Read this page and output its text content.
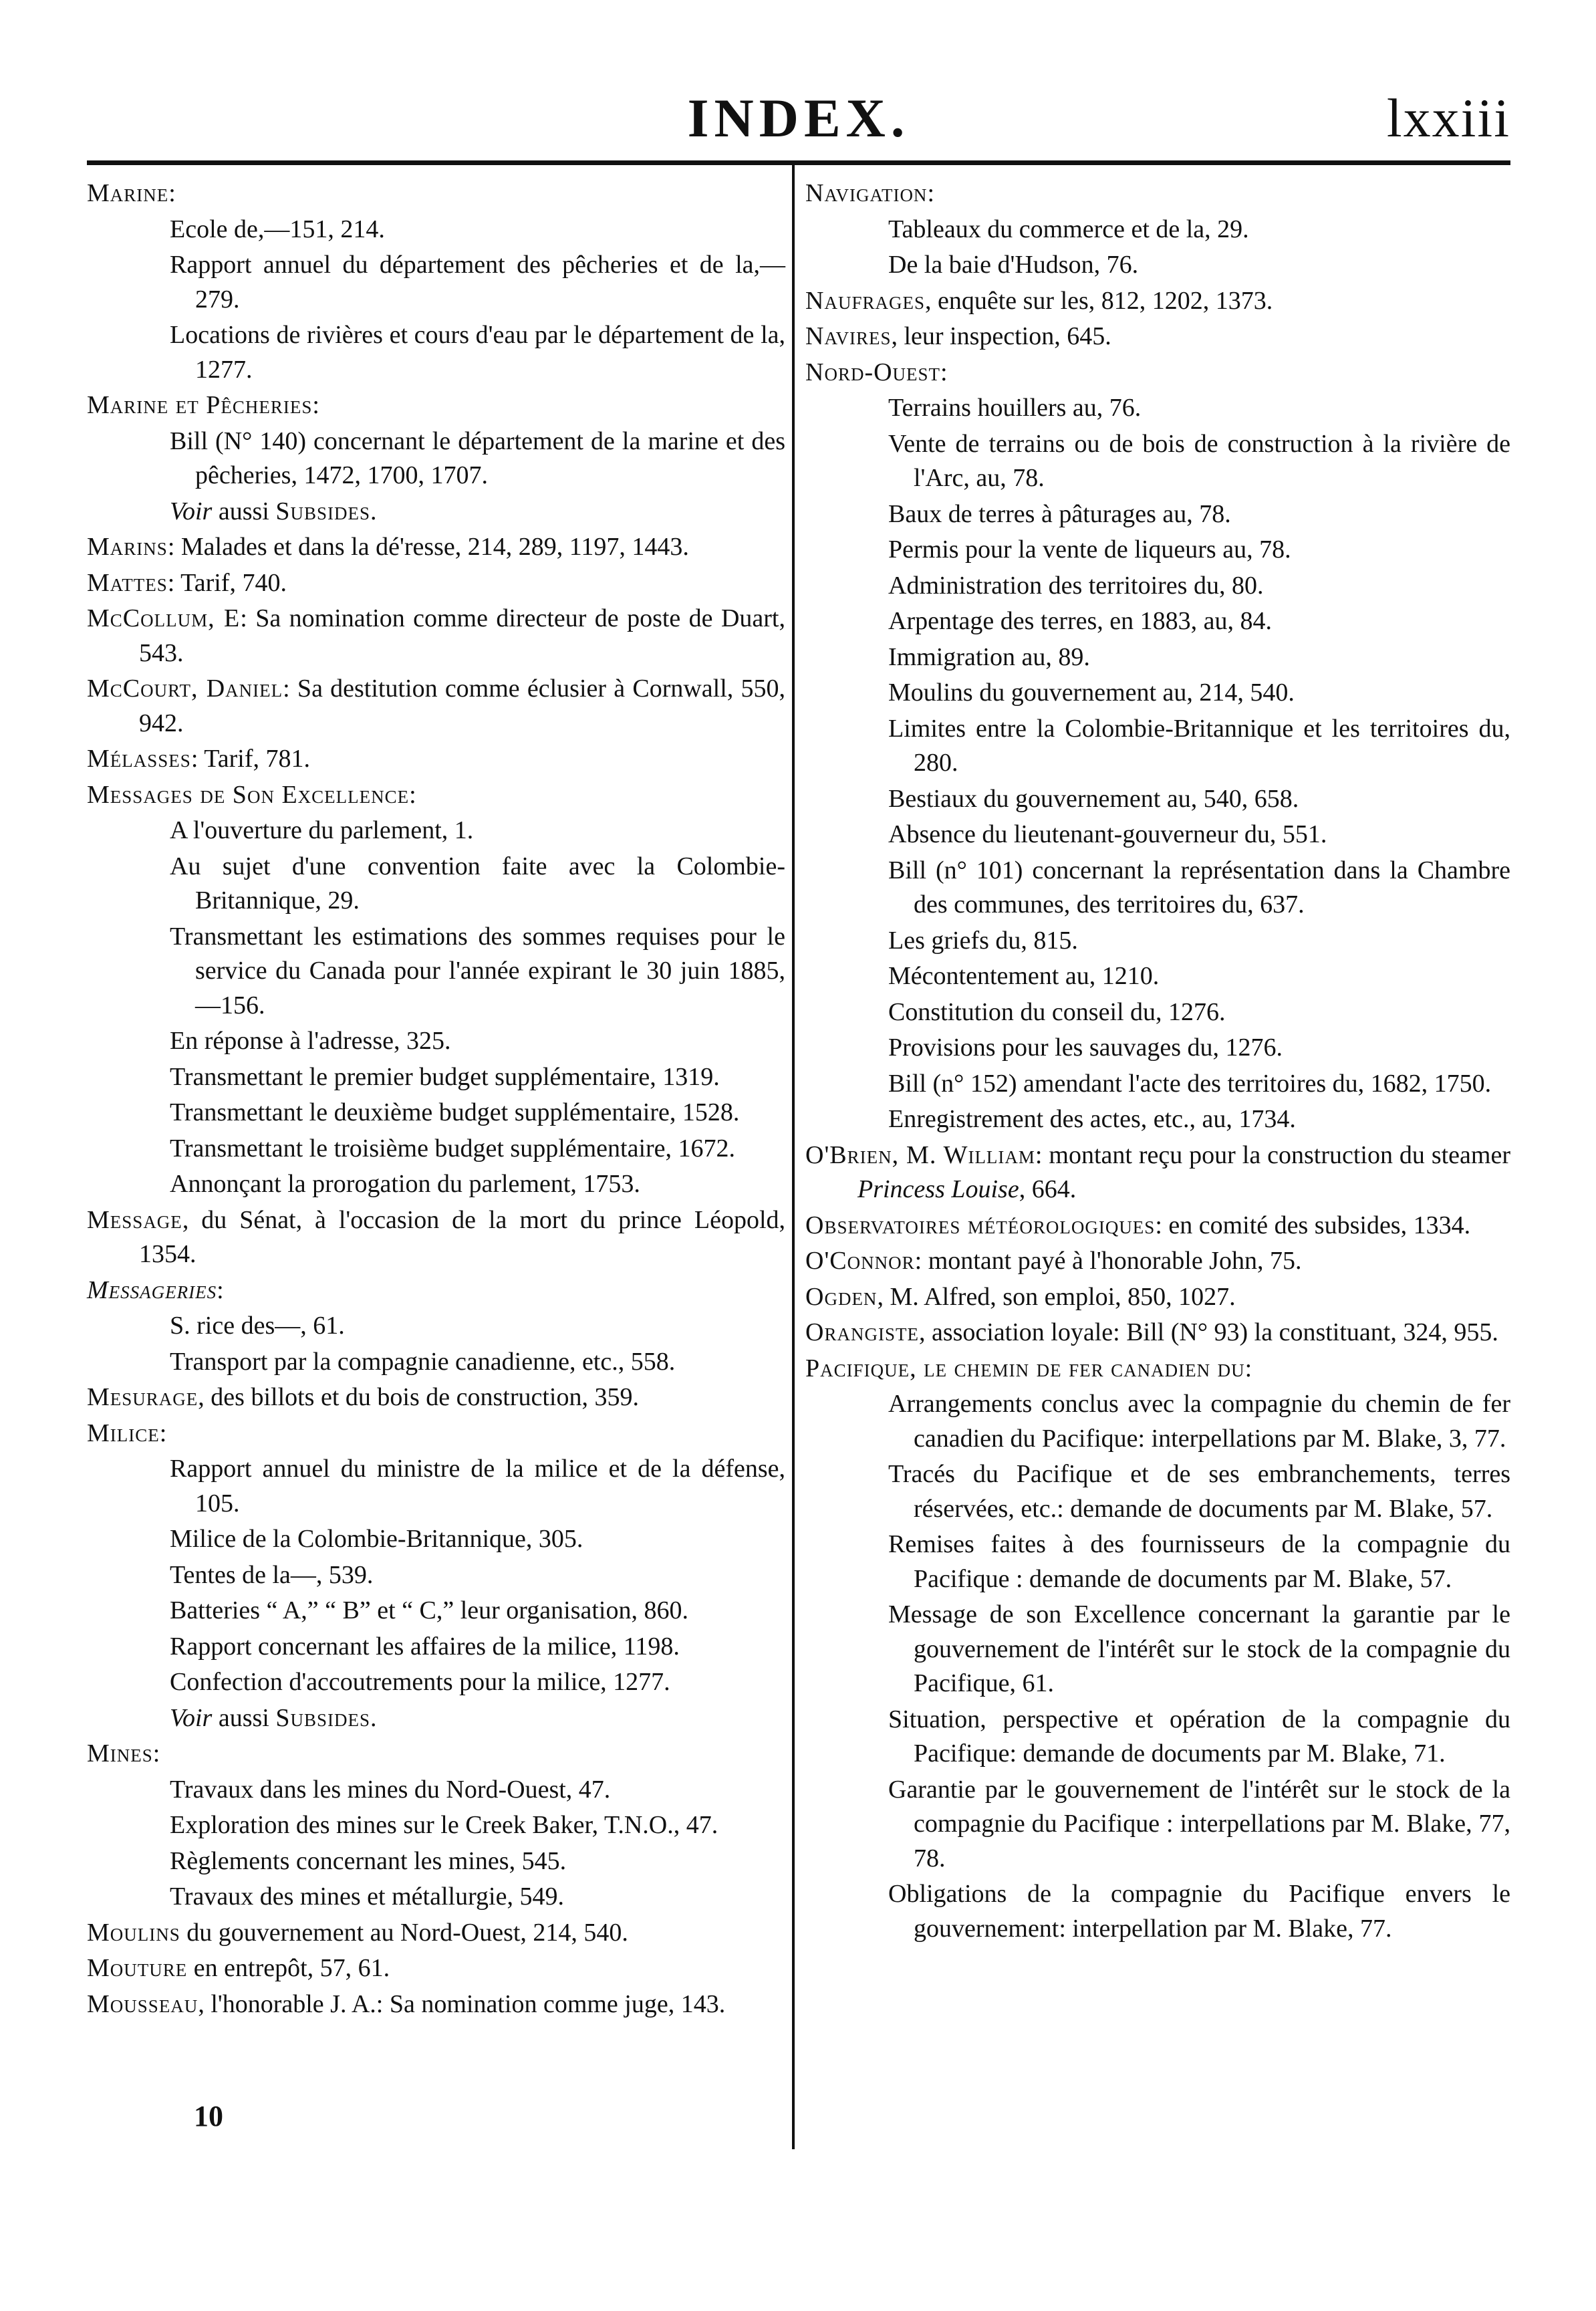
INDEX.	lxxiii
Marine:
Ecole de,—151, 214.
Rapport annuel du département des pêcheries et de la,— 279.
Locations de rivières et cours d'eau par le département de la, 1277.
Marine et Pêcheries:
Bill (N° 140) concernant le département de la marine et des pêcheries, 1472, 1700, 1707.
Voir aussi Subsides.
Marins: Malades et dans la dé'resse, 214, 289, 1197, 1443.
Mattes: Tarif, 740.
McCollum, E: Sa nomination comme directeur de poste de Duart, 543.
McCourt, Daniel: Sa destitution comme éclusier à Cornwall, 550, 942.
Mélasses: Tarif, 781.
Messages de Son Excellence:
A l'ouverture du parlement, 1.
Au sujet d'une convention faite avec la Colombie-Britannique, 29.
Transmettant les estimations des sommes requises pour le service du Canada pour l'année expirant le 30 juin 1885,—156.
En réponse à l'adresse, 325.
Transmettant le premier budget supplémentaire, 1319.
Transmettant le deuxième budget supplémentaire, 1528.
Transmettant le troisième budget supplémentaire, 1672.
Annonçant la prorogation du parlement, 1753.
Message, du Sénat, à l'occasion de la mort du prince Léopold, 1354.
Messageries:
S. rice des—, 61.
Transport par la compagnie canadienne, etc., 558.
Mesurage, des billots et du bois de construction, 359.
Milice:
Rapport annuel du ministre de la milice et de la défense, 105.
Milice de la Colombie-Britannique, 305.
Tentes de la—, 539.
Batteries “ A,” “ B” et “ C,” leur organisation, 860.
Rapport concernant les affaires de la milice, 1198.
Confection d'accoutrements pour la milice, 1277.
Voir aussi Subsides.
Mines:
Travaux dans les mines du Nord-Ouest, 47.
Exploration des mines sur le Creek Baker, T.N.O., 47.
Règlements concernant les mines, 545.
Travaux des mines et métallurgie, 549.
Moulins du gouvernement au Nord-Ouest, 214, 540.
Mouture en entrepôt, 57, 61.
Mousseau, l'honorable J. A.: Sa nomination comme juge, 143.
Navigation:
Tableaux du commerce et de la, 29.
De la baie d'Hudson, 76.
Naufrages, enquête sur les, 812, 1202, 1373.
Navires, leur inspection, 645.
Nord-Ouest:
Terrains houillers au, 76.
Vente de terrains ou de bois de construction à la rivière de l'Arc, au, 78.
Baux de terres à pâturages au, 78.
Permis pour la vente de liqueurs au, 78.
Administration des territoires du, 80.
Arpentage des terres, en 1883, au, 84.
Immigration au, 89.
Moulins du gouvernement au, 214, 540.
Limites entre la Colombie-Britannique et les territoires du, 280.
Bestiaux du gouvernement au, 540, 658.
Absence du lieutenant-gouverneur du, 551.
Bill (n° 101) concernant la représentation dans la Chambre des communes, des territoires du, 637.
Les griefs du, 815.
Mécontentement au, 1210.
Constitution du conseil du, 1276.
Provisions pour les sauvages du, 1276.
Bill (n° 152) amendant l'acte des territoires du, 1682, 1750.
Enregistrement des actes, etc., au, 1734.
O'Brien, M. William: montant reçu pour la construction du steamer Princess Louise, 664.
Observatoires météorologiques: en comité des subsides, 1334.
O'Connor: montant payé à l'honorable John, 75.
Ogden, M. Alfred, son emploi, 850, 1027.
Orangiste, association loyale: Bill (N° 93) la constituant, 324, 955.
Pacifique, le chemin de fer canadien du:
Arrangements conclus avec la compagnie du chemin de fer canadien du Pacifique: interpellations par M. Blake, 3, 77.
Tracés du Pacifique et de ses embranchements, terres réservées, etc.: demande de documents par M. Blake, 57.
Remises faites à des fournisseurs de la compagnie du Pacifique : demande de documents par M. Blake, 57.
Message de son Excellence concernant la garantie par le gouvernement de l'intérêt sur le stock de la compagnie du Pacifique, 61.
Situation, perspective et opération de la compagnie du Pacifique: demande de documents par M. Blake, 71.
Garantie par le gouvernement de l'intérêt sur le stock de la compagnie du Pacifique : interpellations par M. Blake, 77, 78.
Obligations de la compagnie du Pacifique envers le gouvernement: interpellation par M. Blake, 77.
10
